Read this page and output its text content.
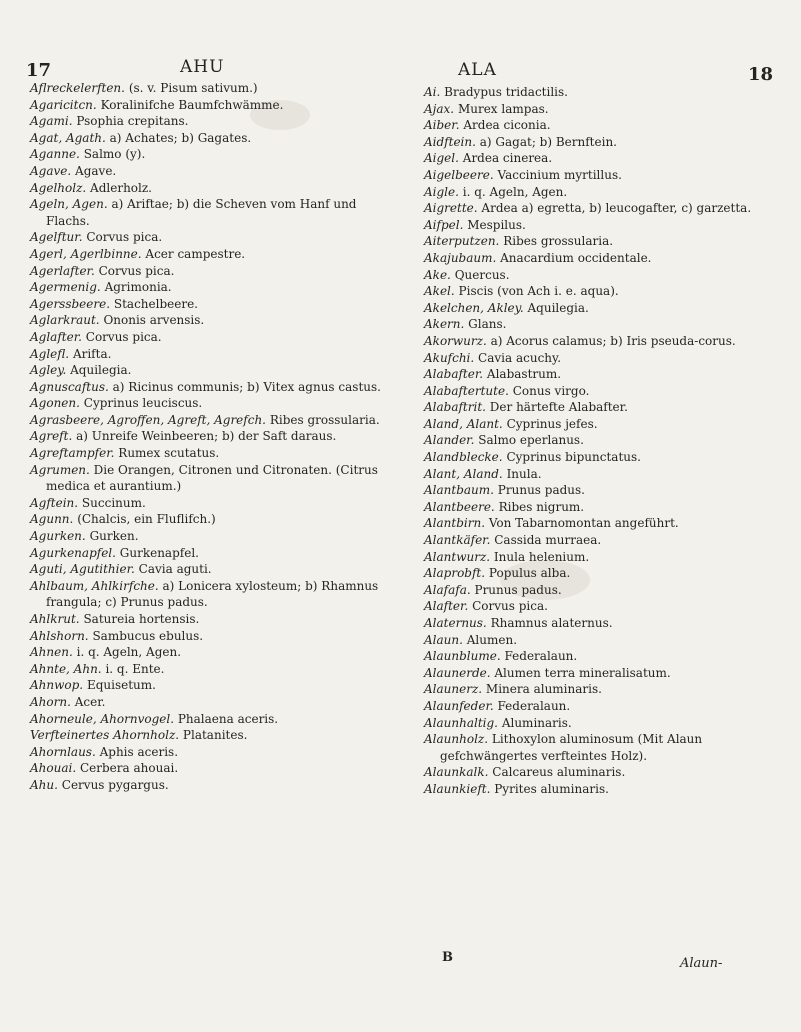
17	AHU	ALA	18

Aflreckelerften. (s. v. Pisum sativum.)

Agaricitcn. Koralinifche Baumfchwämme.

Agami. Psophia crepitans.

Agat, Agath. a) Achates; b) Gagates.

Aganne. Salmo (y).

Agave. Agave.

Agelholz. Adlerholz.

Ageln, Agen. a) Ariftae; b) die Scheven vom Hanf und Flachs.

Agelftur. Corvus pica.

Agerl, Agerlbinne. Acer campestre.

Agerlafter. Corvus pica.

Agermenig. Agrimonia.

Agerssbeere. Stachelbeere.

Aglarkraut. Ononis arvensis.

Aglafter. Corvus pica.

Aglefl. Arifta.

Agley. Aquilegia.

Agnuscaftus. a) Ricinus communis; b) Vitex agnus castus.

Agonen. Cyprinus leuciscus.

Agrasbeere, Agroffen, Agreft, Agrefch. Ribes grossularia.

Agreft. a) Unreife Weinbeeren; b) der Saft daraus.

Agreftampfer. Rumex scutatus.

Agrumen. Die Orangen, Citronen und Citronaten. (Citrus medica et aurantium.)

Agftein. Succinum.

Agunn. (Chalcis, ein Fluflifch.)

Agurken. Gurken.

Agurkenapfel. Gurkenapfel.

Aguti, Agutithier. Cavia aguti.

Ahlbaum, Ahlkirfche. a) Lonicera xylosteum; b) Rhamnus frangula; c) Prunus padus.

Ahlkrut. Satureia hortensis.

Ahlshorn. Sambucus ebulus.

Ahnen. i. q. Ageln, Agen.

Ahnte, Ahn. i. q. Ente.

Ahnwop. Equisetum.

Ahorn. Acer.

Ahorneule, Ahornvogel. Phalaena aceris.

Verfteinertes Ahornholz. Platanites.

Ahornlaus. Aphis aceris.

Ahouai. Cerbera ahouai.

Ahu. Cervus pygargus.

Ai. Bradypus tridactilis.

Ajax. Murex lampas.

Aiber. Ardea ciconia.

Aidftein. a) Gagat; b) Bernftein.

Aigel. Ardea cinerea.

Aigelbeere. Vaccinium myrtillus.

Aigle. i. q. Ageln, Agen.

Aigrette. Ardea a) egretta, b) leucogafter, c) garzetta.

Aifpel. Mespilus.

Aiterputzen. Ribes grossularia.

Akajubaum. Anacardium occidentale.

Ake. Quercus.

Akel. Piscis (von Ach i. e. aqua).

Akelchen, Akley. Aquilegia.

Akern. Glans.

Akorwurz. a) Acorus calamus; b) Iris pseuda-corus.

Akufchi. Cavia acuchy.

Alabafter. Alabastrum.

Alabaftertute. Conus virgo.

Alabaftrit. Der härtefte Alabafter.

Aland, Alant. Cyprinus jefes.

Alander. Salmo eperlanus.

Alandblecke. Cyprinus bipunctatus.

Alant, Aland. Inula.

Alantbaum. Prunus padus.

Alantbeere. Ribes nigrum.

Alantbirn. Von Tabarnomontan angeführt.

Alantkäfer. Cassida murraea.

Alantwurz. Inula helenium.

Alaprobft. Populus alba.

Alafafa. Prunus padus.

Alafter. Corvus pica.

Alaternus. Rhamnus alaternus.

Alaun. Alumen.

Alaunblume. Federalaun.

Alaunerde. Alumen terra mineralisatum.

Alaunerz. Minera aluminaris.

Alaunfeder. Federalaun.

Alaunhaltig. Aluminaris.

Alaunholz. Lithoxylon aluminosum (Mit Alaun gefchwängertes verfteintes Holz).

Alaunkalk. Calcareus aluminaris.

Alaunkieft. Pyrites aluminaris.

B	Alaun-
